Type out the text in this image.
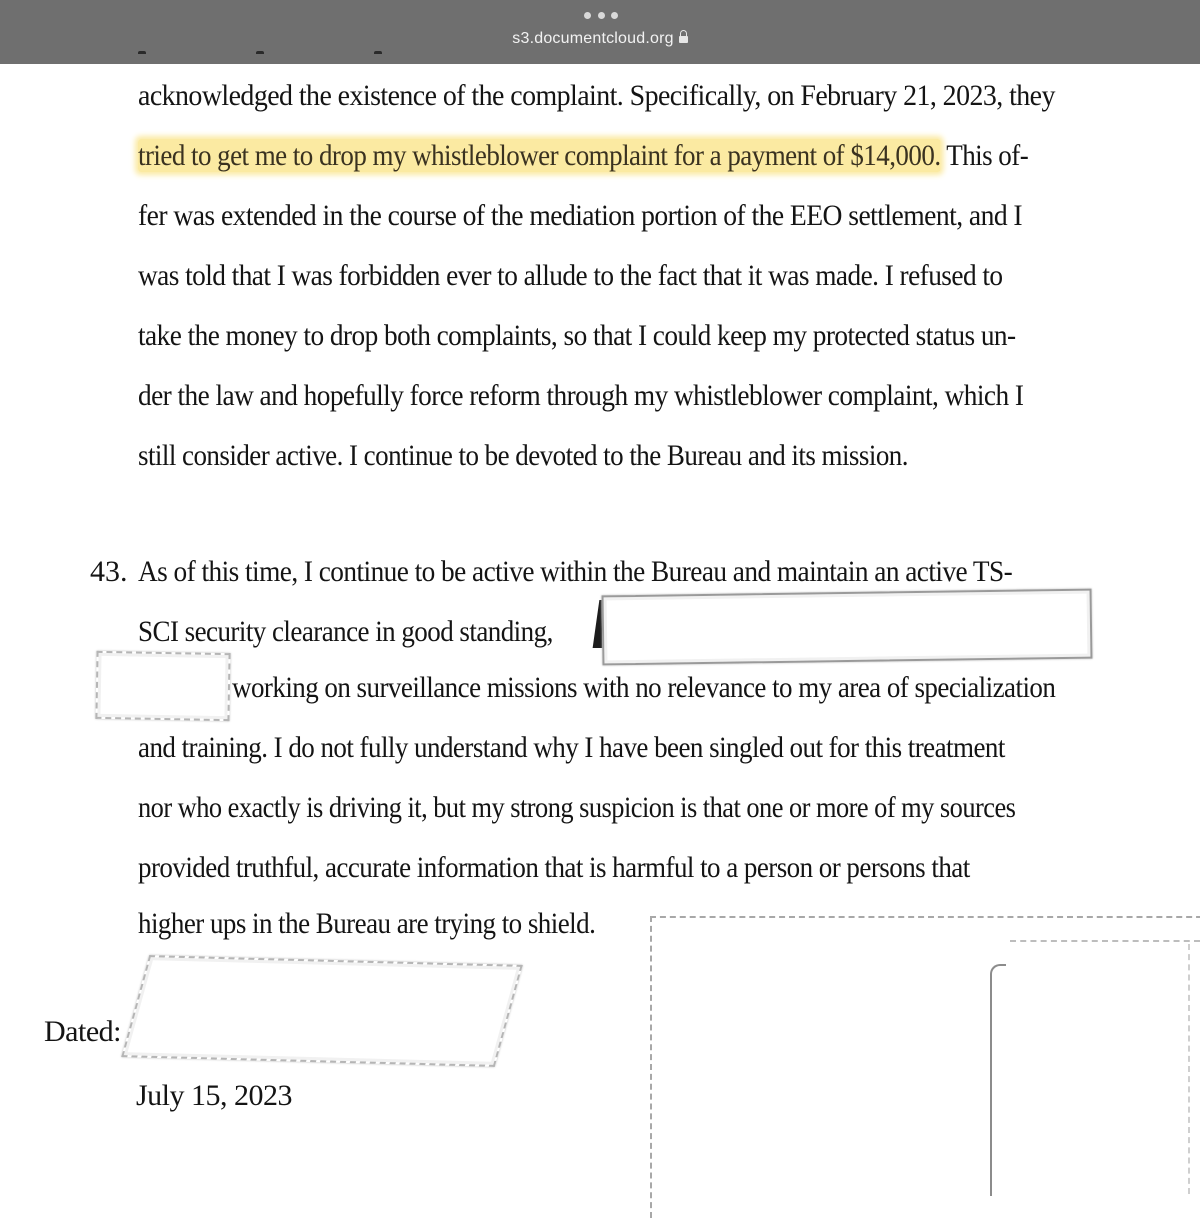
s3.documentcloud.org
acknowledged the existence of the complaint. Specifically, on February 21, 2023, they
tried to get me to drop my whistleblower complaint for a payment of $14,000. This of-
fer was extended in the course of the mediation portion of the EEO settlement, and I
was told that I was forbidden ever to allude to the fact that it was made. I refused to
take the money to drop both complaints, so that I could keep my protected status un-
der the law and hopefully force reform through my whistleblower complaint, which I
still consider active. I continue to be devoted to the Bureau and its mission.
43. As of this time, I continue to be active within the Bureau and maintain an active TS-
SCI security clearance in good standing,
working on surveillance missions with no relevance to my area of specialization
and training. I do not fully understand why I have been singled out for this treatment
nor who exactly is driving it, but my strong suspicion is that one or more of my sources
provided truthful, accurate information that is harmful to a person or persons that
higher ups in the Bureau are trying to shield.
Dated:
July 15, 2023
